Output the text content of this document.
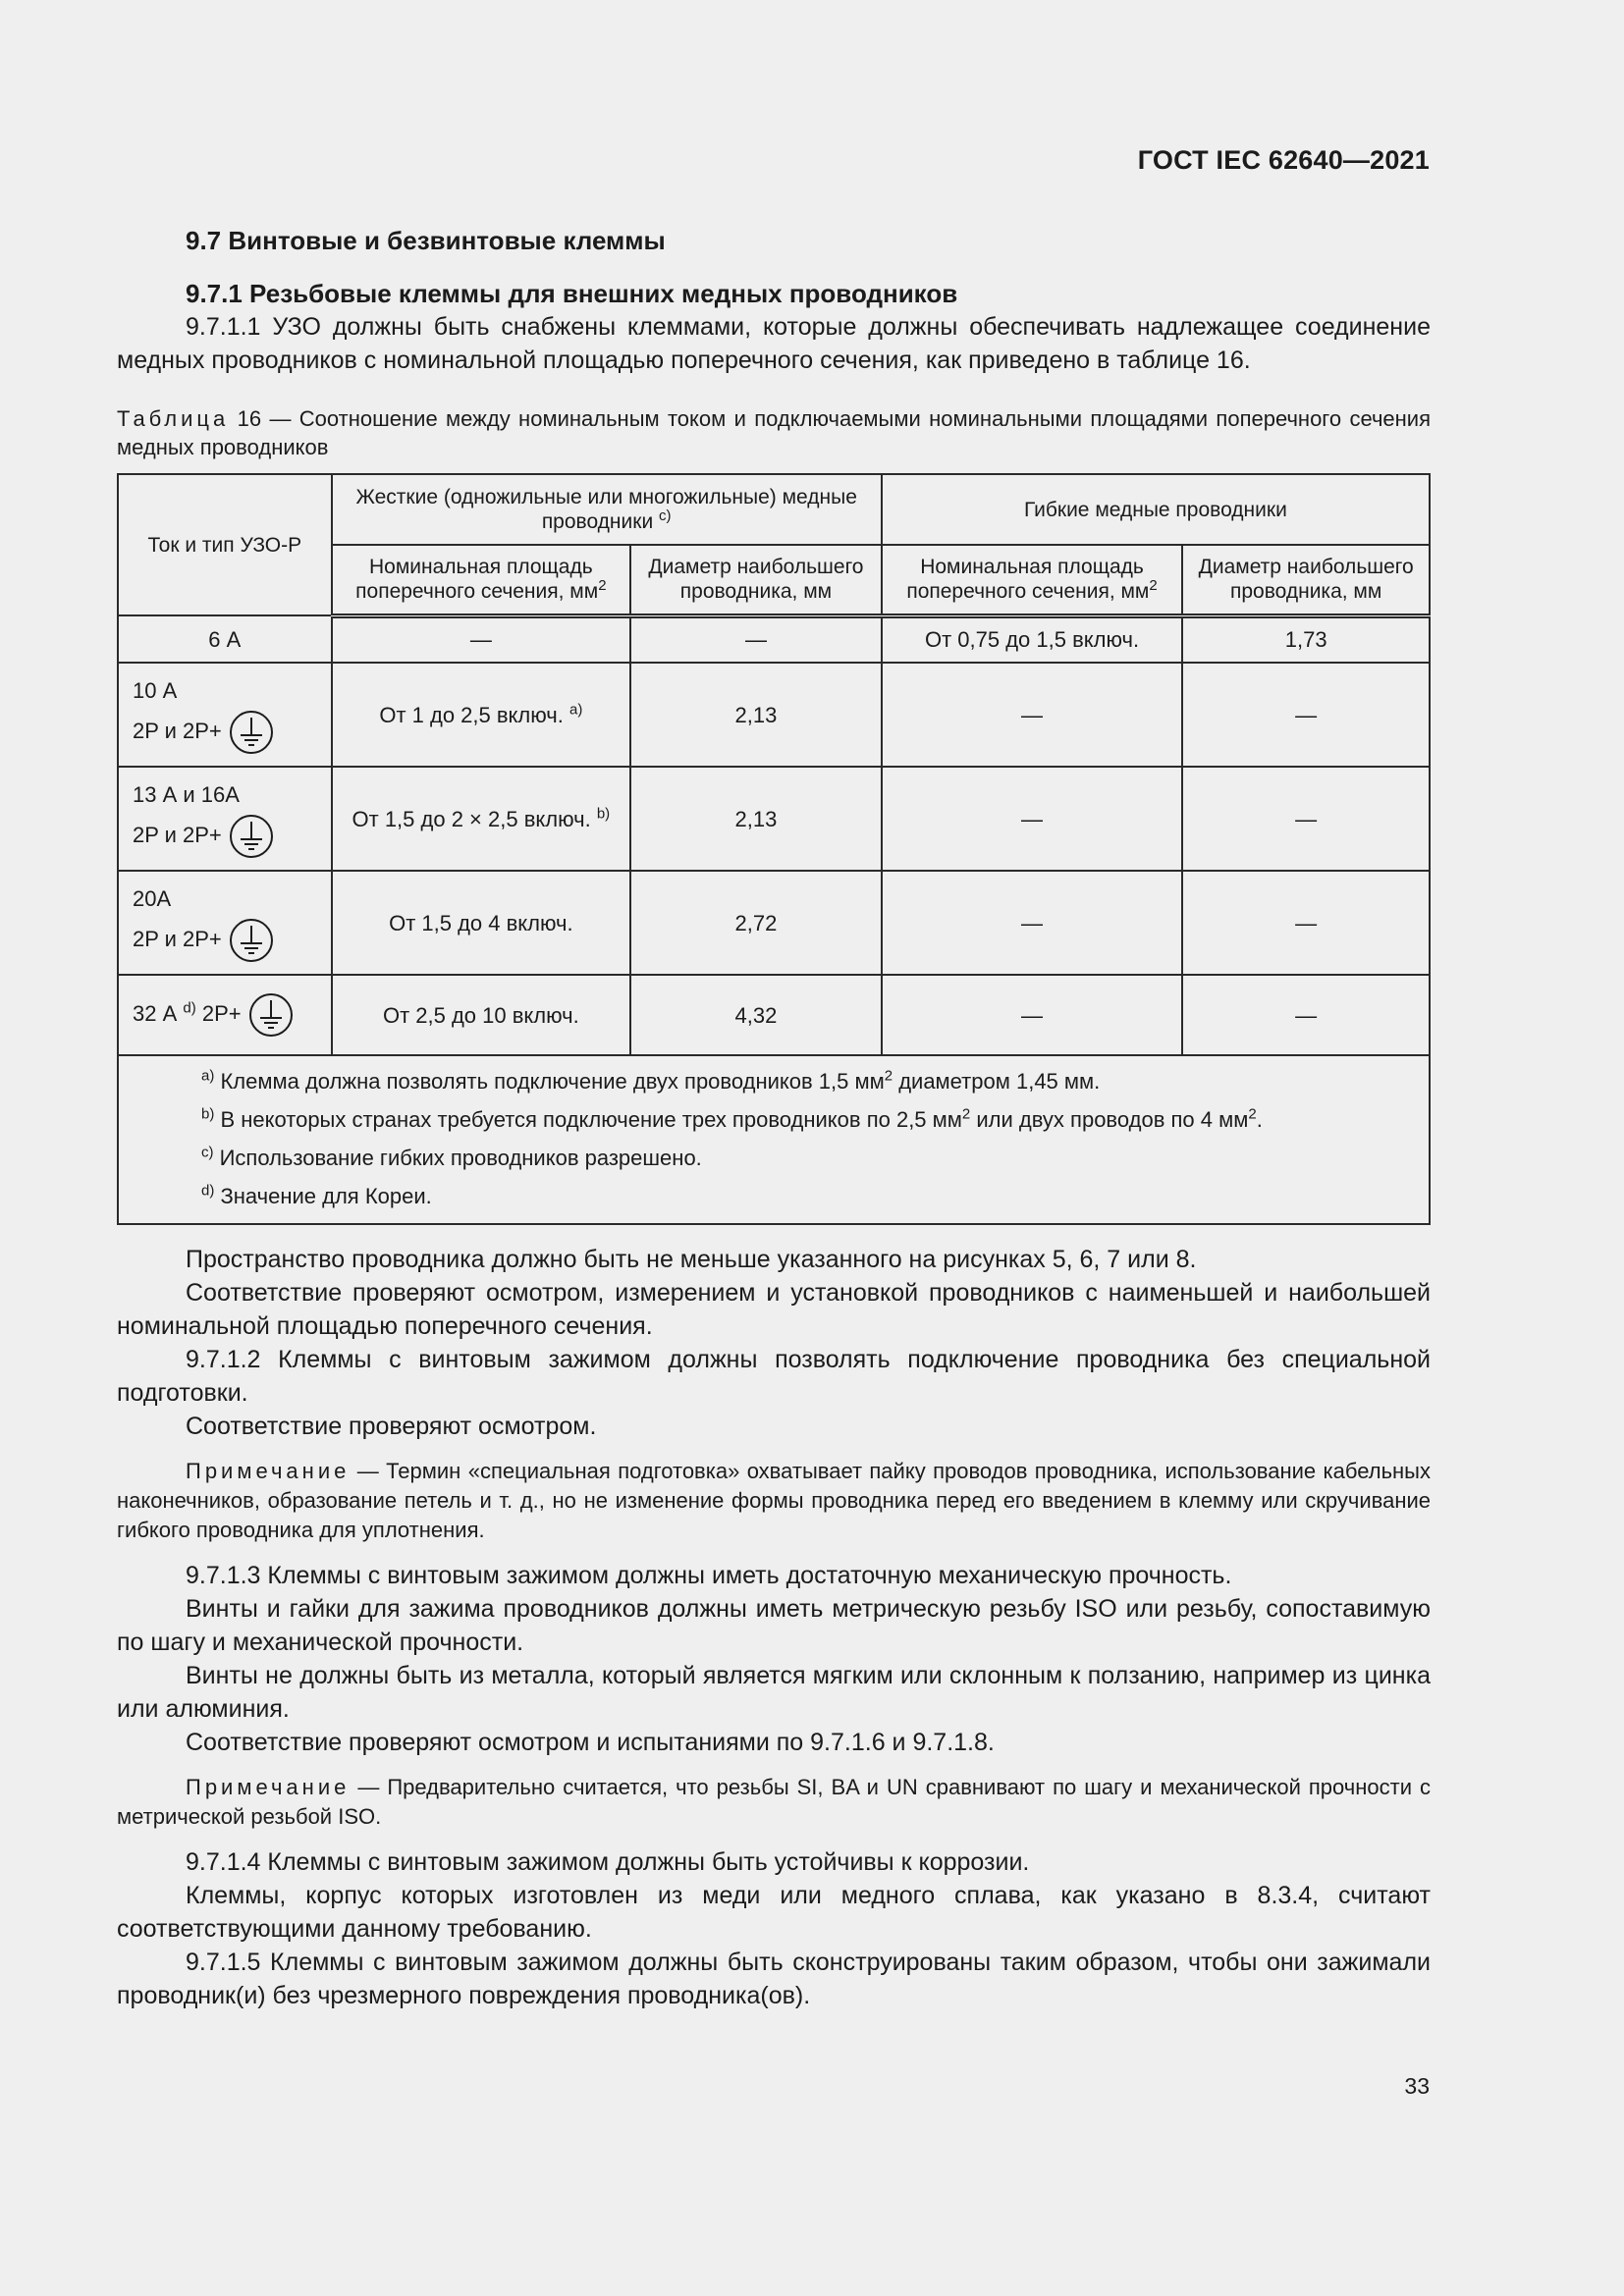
ГОСТ IEC 62640—2021
9.7 Винтовые и безвинтовые клеммы
9.7.1 Резьбовые клеммы для внешних медных проводников

9.7.1.1 УЗО должны быть снабжены клеммами, которые должны обеспечивать надлежащее соединение медных проводников с номинальной площадью поперечного сечения, как приведено в таблице 16.

Таблица 16 — Соотношение между номинальным током и подключаемыми номинальными площадями поперечного сечения медных проводников

Ток и тип УЗО-Р	Жесткие (одножильные или многожильные) медные проводники $^{c)}$		Гибкие медные проводники	
	Номинальная площадь поперечного сечения, $мм^2$	Диаметр наибольшего проводника, мм	Номинальная площадь поперечного сечения, $мм^2$	Диаметр наибольшего проводника, мм
6 А	—	—	От 0,75 до 1,5 включ.	1,73

10 А
2P и 2P+	От 1 до 2,5 включ. $^{a)}$	2,13	—	—

13 А и 16А
2P и 2P+	От 1,5 до 2 × 2,5 включ. $^{b)}$	2,13	—	—

20А
2P и 2P+	От 1,5 до 4 включ.	2,72	—	—
32 А $^{d)}$ 2P+	От 2,5 до 10 включ.	4,32	—	—

$^{a)}$ Клемма должна позволять подключение двух проводников 1,5 $мм^2$ диаметром 1,45 мм.
$^{b)}$ В некоторых странах требуется подключение трех проводников по 2,5 $мм^2$ или двух проводов по 4 $мм^2$.
$^{c)}$ Использование гибких проводников разрешено.
$^{d)}$ Значение для Кореи.				

Пространство проводника должно быть не меньше указанного на рисунках 5, 6, 7 или 8.

Соответствие проверяют осмотром, измерением и установкой проводников с наименьшей и наибольшей номинальной площадью поперечного сечения.

9.7.1.2 Клеммы с винтовым зажимом должны позволять подключение проводника без специальной подготовки.

Соответствие проверяют осмотром.

Примечание — Термин «специальная подготовка» охватывает пайку проводов проводника, использование кабельных наконечников, образование петель и т. д., но не изменение формы проводника перед его введением в клемму или скручивание гибкого проводника для уплотнения.

9.7.1.3 Клеммы с винтовым зажимом должны иметь достаточную механическую прочность.

Винты и гайки для зажима проводников должны иметь метрическую резьбу ISO или резьбу, сопоставимую по шагу и механической прочности.

Винты не должны быть из металла, который является мягким или склонным к ползанию, например из цинка или алюминия.

Соответствие проверяют осмотром и испытаниями по 9.7.1.6 и 9.7.1.8.

Примечание — Предварительно считается, что резьбы SI, BA и UN сравнивают по шагу и механической прочности с метрической резьбой ISO.

9.7.1.4 Клеммы с винтовым зажимом должны быть устойчивы к коррозии.

Клеммы, корпус которых изготовлен из меди или медного сплава, как указано в 8.3.4, считают соответствующими данному требованию.

9.7.1.5 Клеммы с винтовым зажимом должны быть сконструированы таким образом, чтобы они зажимали проводник(и) без чрезмерного повреждения проводника(ов).

33
